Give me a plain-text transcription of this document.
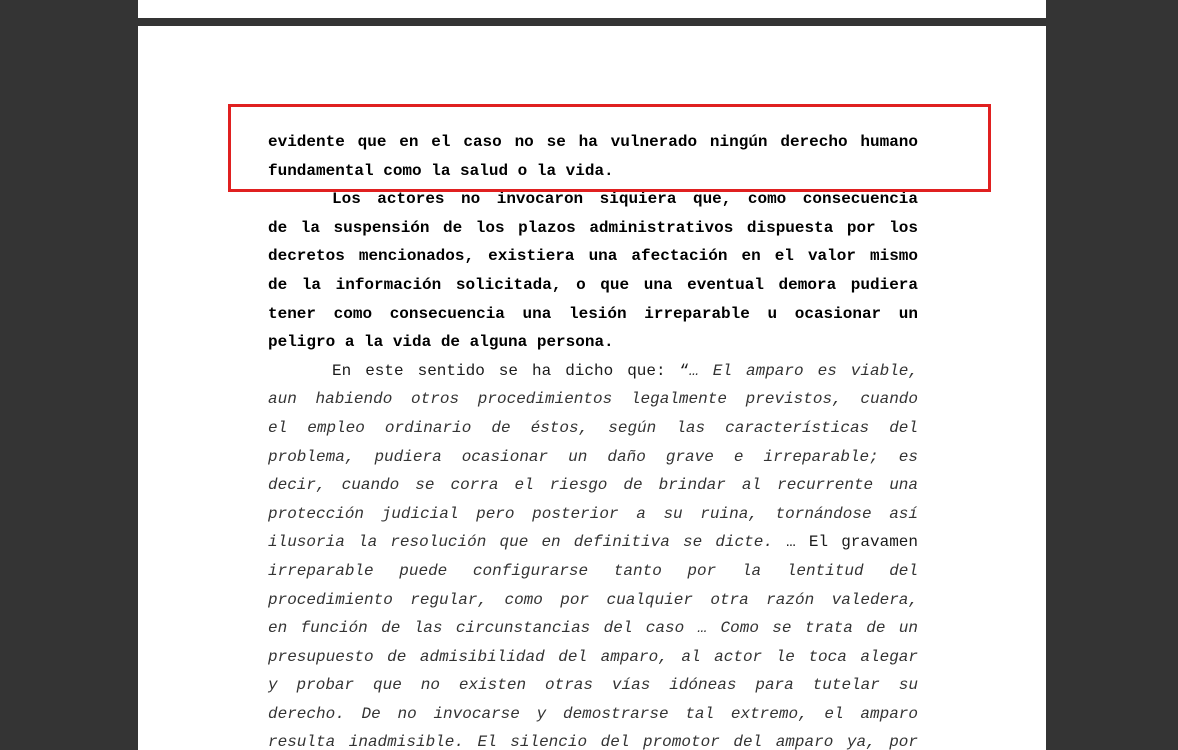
evidente que en el caso no se ha vulnerado ningún derecho humano
fundamental como la salud o la vida.
Los actores no invocaron siquiera que, como consecuencia
de la suspensión de los plazos administrativos dispuesta por los
decretos mencionados, existiera una afectación en el valor mismo
de la información solicitada, o que una eventual demora pudiera
tener como consecuencia una lesión irreparable u ocasionar un
peligro a la vida de alguna persona.
En este sentido se ha dicho que: “… El amparo es viable,
aun habiendo otros procedimientos legalmente previstos, cuando
el empleo ordinario de éstos, según las características del
problema, pudiera ocasionar un daño grave e irreparable; es
decir, cuando se corra el riesgo de brindar al recurrente una
protección judicial pero posterior a su ruina, tornándose así
ilusoria la resolución que en definitiva se dicte. … El gravamen
irreparable puede configurarse tanto por la lentitud del
procedimiento regular, como por cualquier otra razón valedera,
en función de las circunstancias del caso … Como se trata de un
presupuesto de admisibilidad del amparo, al actor le toca alegar
y probar que no existen otras vías idóneas para tutelar su
derecho. De no invocarse y demostrarse tal extremo, el amparo
resulta inadmisible. El silencio del promotor del amparo ya, por
